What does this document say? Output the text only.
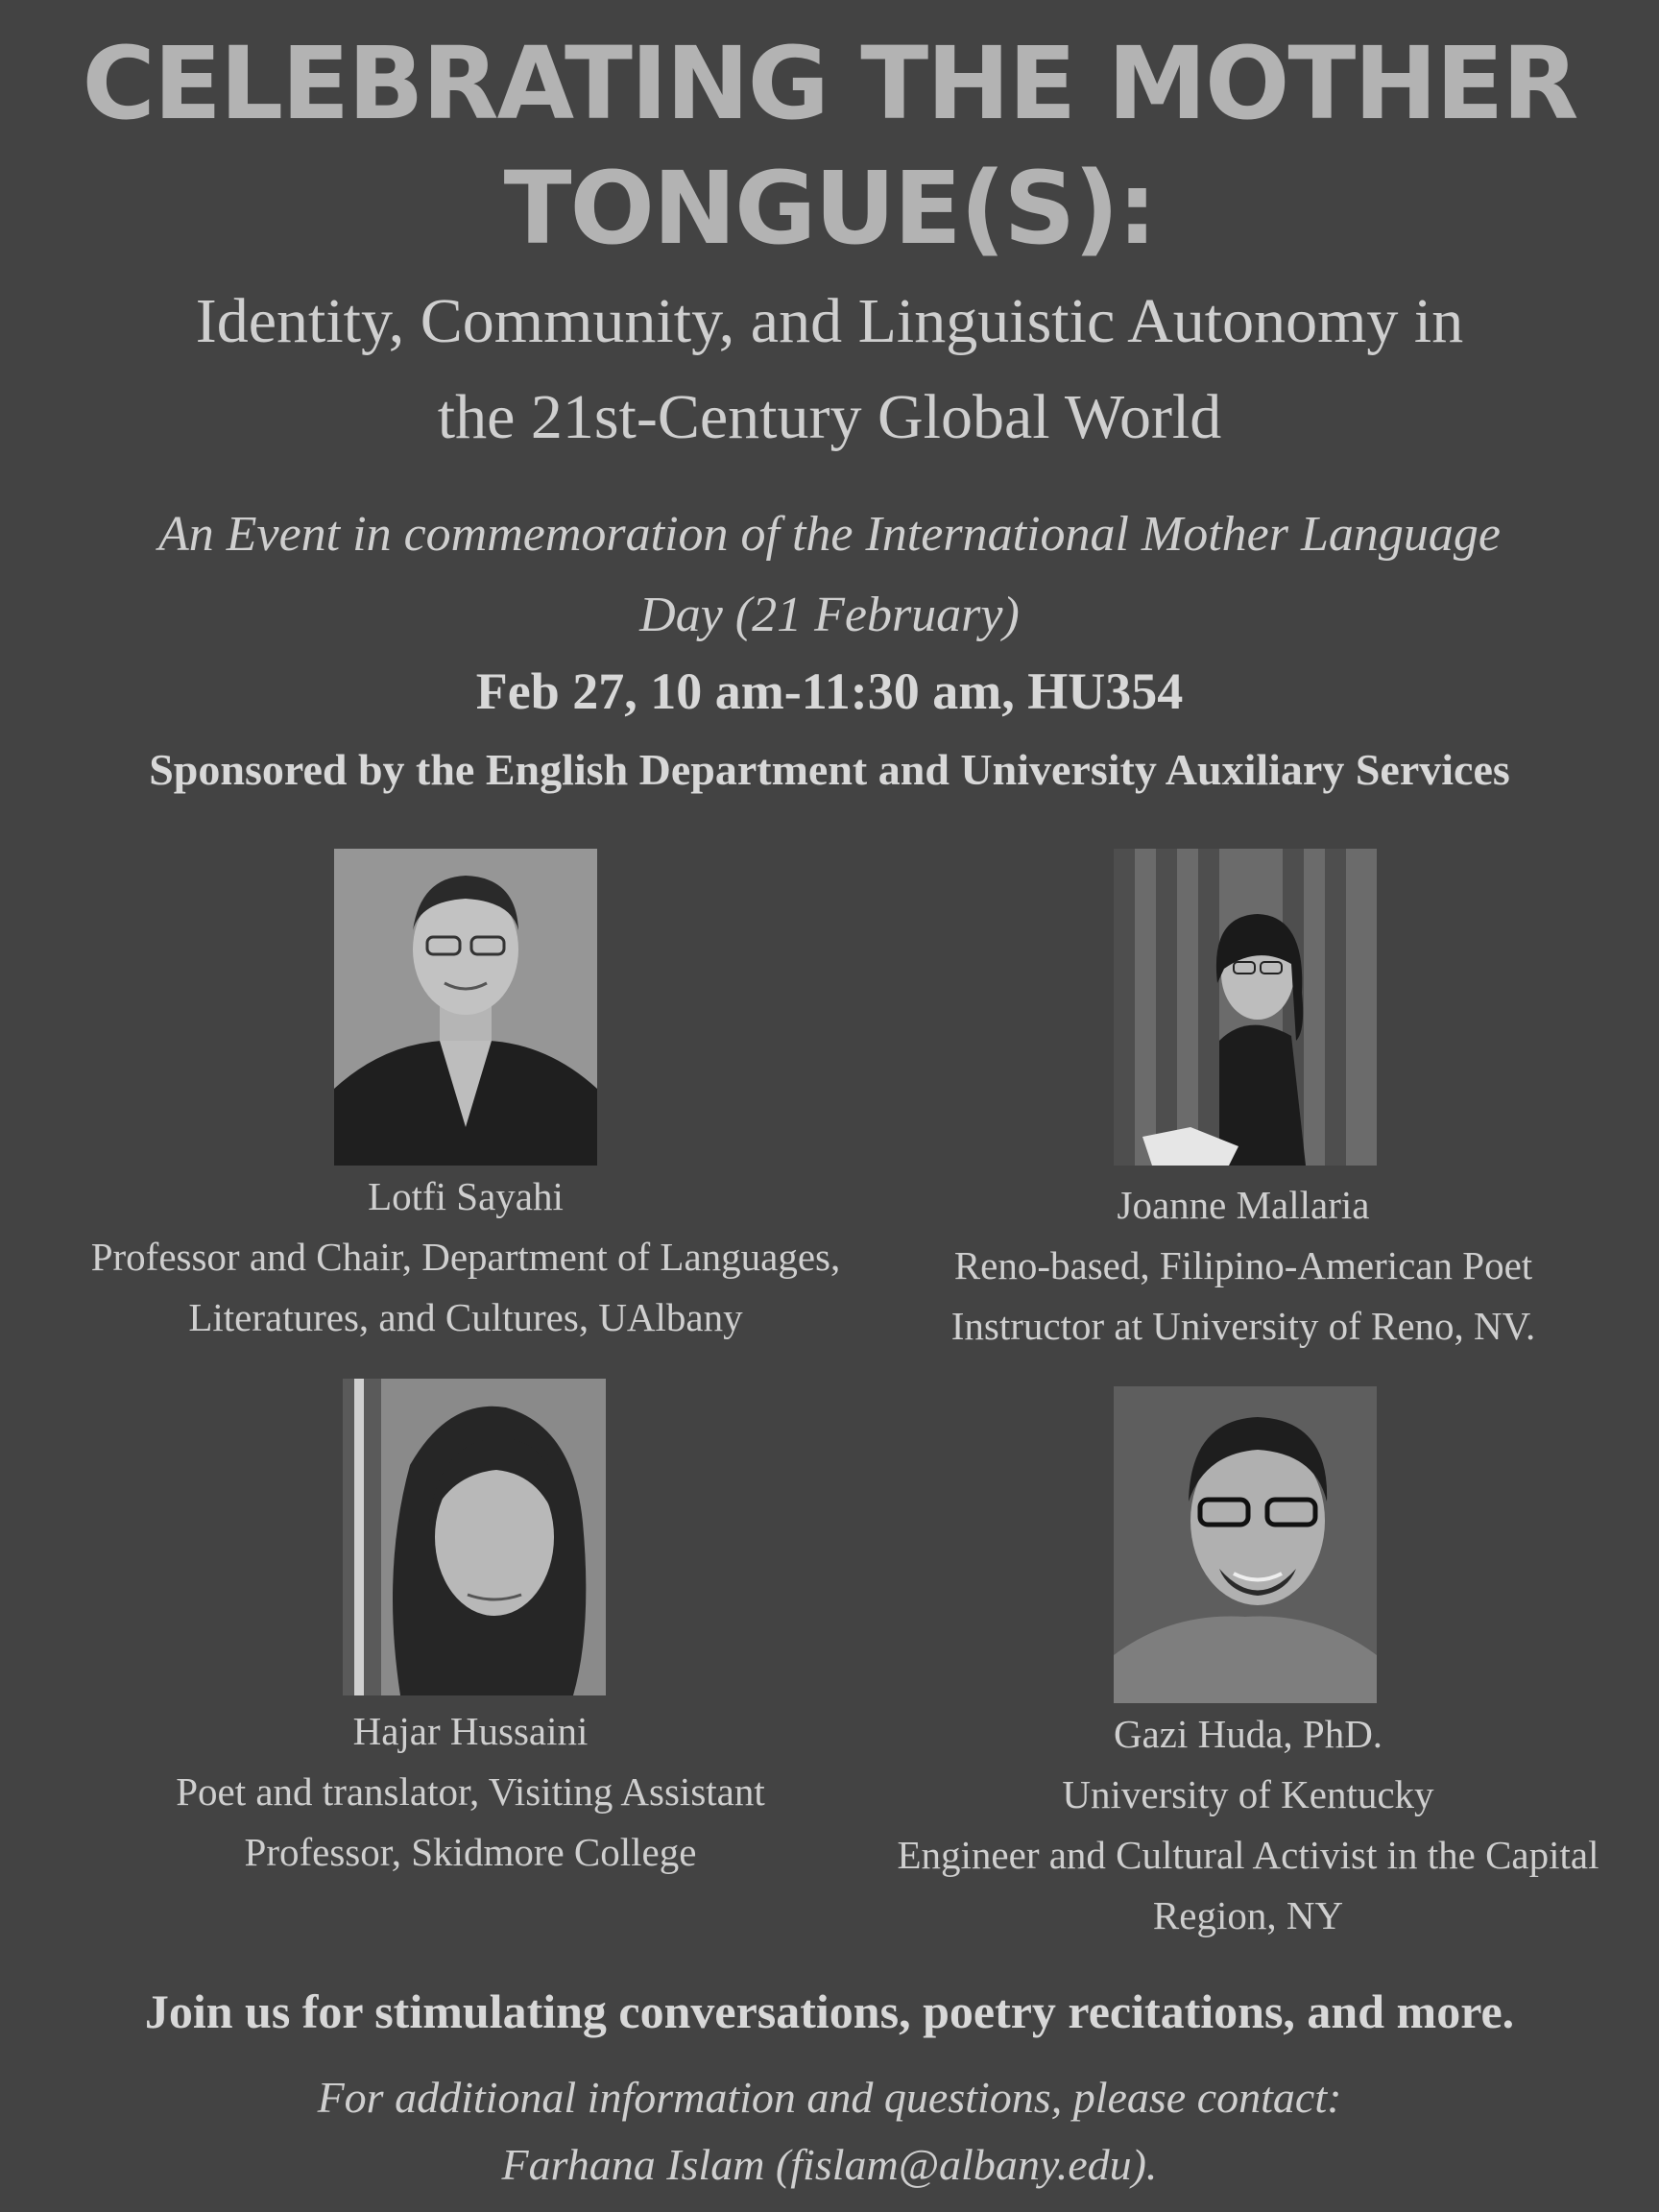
CELEBRATING THE MOTHER
TONGUE(S):
Identity, Community, and Linguistic Autonomy in
the 21st-Century Global World
An Event in commemoration of the International Mother Language
Day (21 February)
Feb 27, 10 am-11:30 am, HU354
Sponsored by the English Department and University Auxiliary Services
Lotfi Sayahi
Professor and Chair, Department of Languages,
Literatures, and Cultures, UAlbany
Joanne Mallaria
Reno-based, Filipino-American Poet
Instructor at University of Reno, NV.
Hajar Hussaini
Poet and translator, Visiting Assistant
Professor, Skidmore College
Gazi Huda, PhD.
University of Kentucky
Engineer and Cultural Activist in the Capital
Region, NY
Join us for stimulating conversations, poetry recitations, and more.
For additional information and questions, please contact:
Farhana Islam (fislam@albany.edu).
